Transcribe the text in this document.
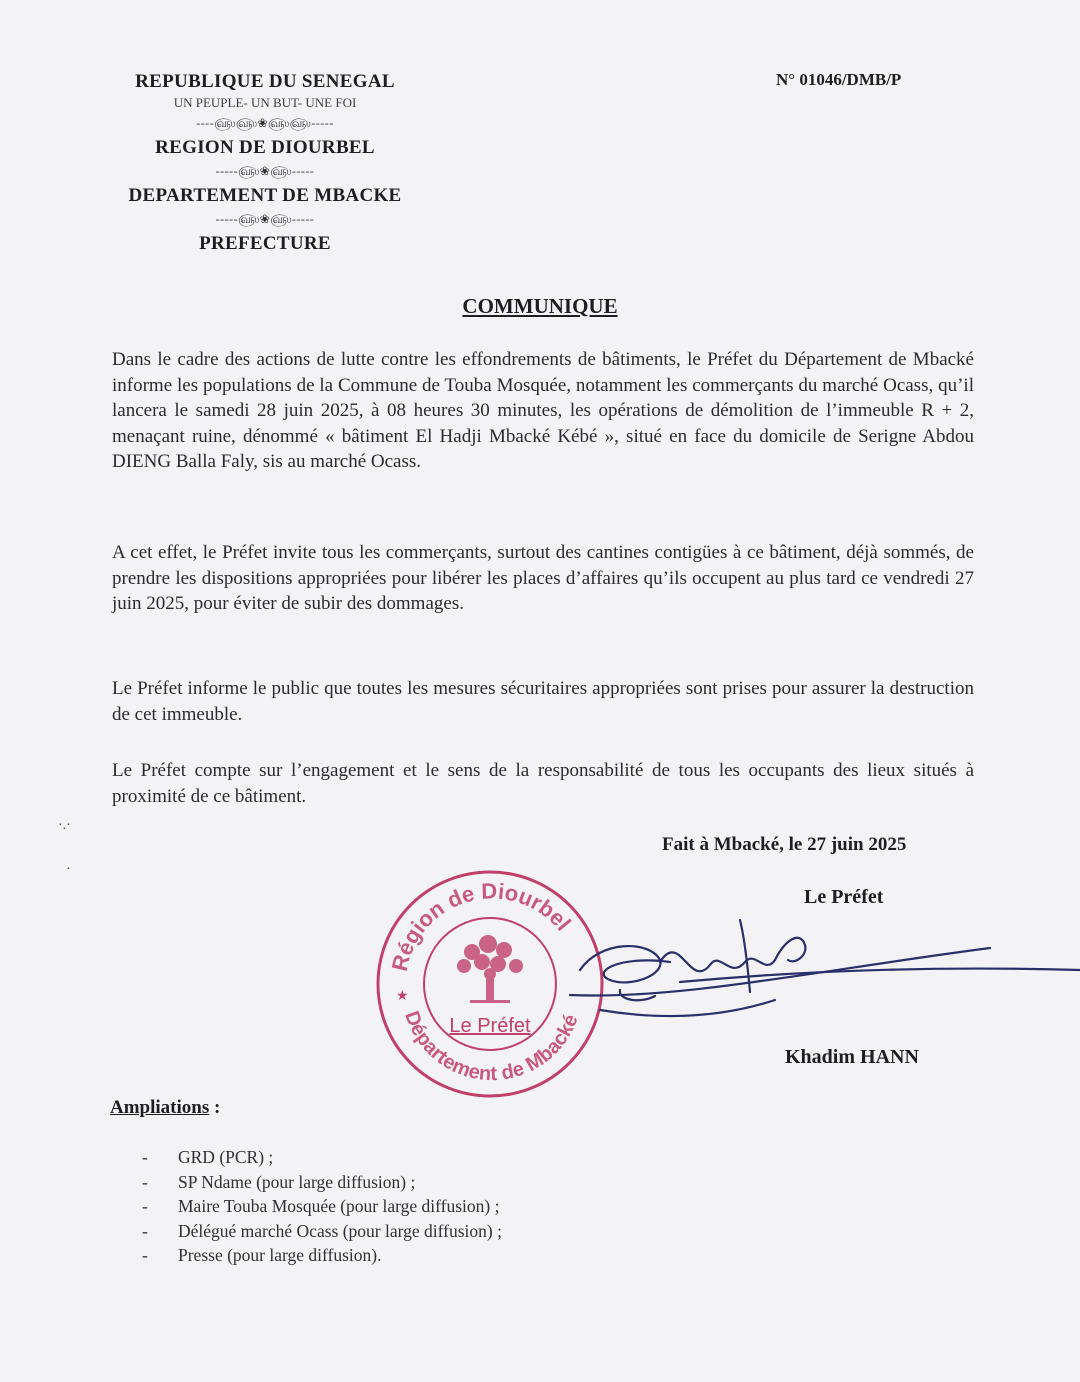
REPUBLIQUE DU SENEGAL
UN PEUPLE- UN BUT- UNE FOI
----௵௵❀௵௵-----
REGION DE DIOURBEL
-----௵❀௵-----
DEPARTEMENT DE MBACKE
-----௵❀௵-----
PREFECTURE
N° 01046/DMB/P
COMMUNIQUE
Dans le cadre des actions de lutte contre les effondrements de bâtiments, le Préfet du Département de Mbacké informe les populations de la Commune de Touba Mosquée, notamment les commerçants du marché Ocass, qu’il lancera le samedi 28 juin 2025, à 08 heures 30 minutes, les opérations de démolition de l’immeuble R + 2, menaçant ruine, dénommé « bâtiment El Hadji Mbacké Kébé », situé en face du domicile de Serigne Abdou DIENG Balla Faly, sis au marché Ocass.
A cet effet, le Préfet invite tous les commerçants, surtout des cantines contigües à ce bâtiment, déjà sommés, de prendre les dispositions appropriées pour libérer les places d’affaires qu’ils occupent au plus tard ce vendredi 27 juin 2025, pour éviter de subir des dommages.
Le Préfet informe le public que toutes les mesures sécuritaires appropriées sont prises pour assurer la destruction de cet immeuble.
Le Préfet compte sur l’engagement et le sens de la responsabilité de tous les occupants des lieux situés à proximité de ce bâtiment.
Fait à Mbacké, le 27 juin 2025
Le Préfet
Région de Diourbel
Département de Mbacké
Le Préfet
★
Khadim HANN
Ampliations :
- GRD (PCR) ;
- SP Ndame (pour large diffusion) ;
- Maire Touba Mosquée (pour large diffusion) ;
- Délégué marché Ocass (pour large diffusion) ;
- Presse (pour large diffusion).
·.·
·
